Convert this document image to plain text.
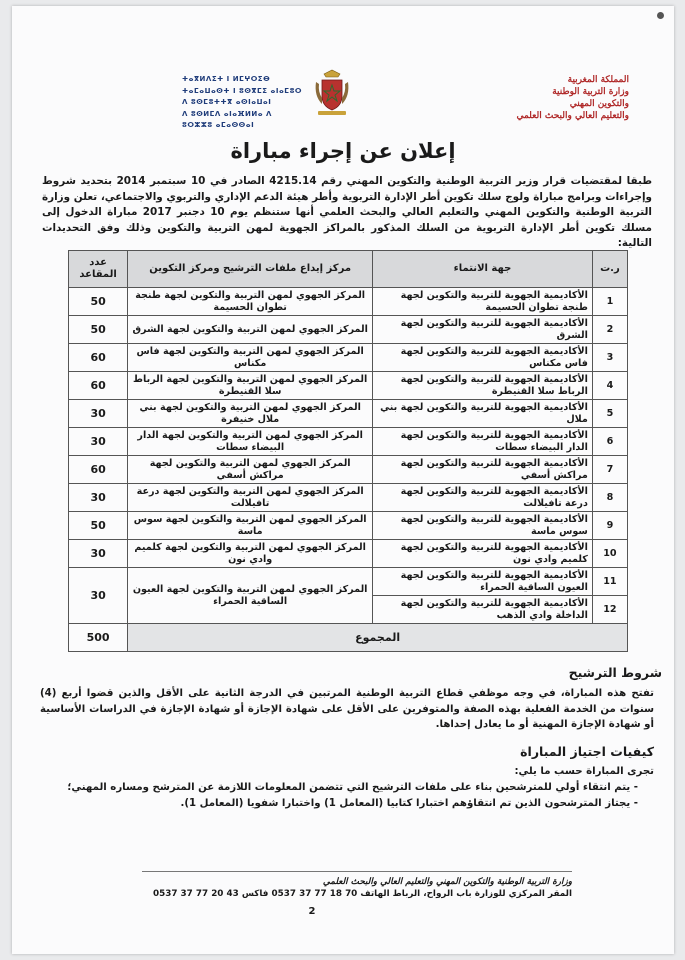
ⵜⴰⴳⵍⴷⵉⵜ ⵏ ⵍⵎⵖⵔⵉⴱ
ⵜⴰⵎⴰⵡⴰⵙⵜ ⵏ ⵓⵙⴳⵎⵉ ⴰⵏⴰⵎⵓⵔ
ⴷ ⵓⵙⵎⵓⵜⵜⴳ ⴰⵙⵏⴰⵡⴰⵏ
ⴷ ⵓⵙⵍⵎⴷ ⴰⵏⴰⴼⵍⵍⴰ ⴷ ⵓⵔⵣⵣⵓ ⴰⵎⴰⵙⵙⴰⵏ
المملكة المغربية
وزارة التربية الوطنية
والتكوين المهني
والتعليم العالي والبحث العلمي
إعلان عن إجراء مباراة
طبقا لمقتضيات قرار وزير التربية الوطنية والتكوين المهني رقم 4215.14 الصادر في 10 سبتمبر 2014 بتحديد شروط وإجراءات وبرامج مباراة ولوج سلك تكوين أطر الإدارة التربوية وأطر هيئة الدعم الإداري والتربوي والاجتماعي، تعلن وزارة التربية الوطنية والتكوين المهني والتعليم العالي والبحث العلمي أنها ستنظم يوم 10 دجنبر 2017 مباراة الدخول إلى مسلك تكوين أطر الإدارة التربوية من السلك المذكور بالمراكز الجهوية لمهن التربية والتكوين وذلك وفق التحديدات التالية:
ر.ت	جهة الانتماء	مركز إيداع ملفات الترشيح ومركز التكوين	عدد المقاعد
1	الأكاديمية الجهوية للتربية والتكوين لجهة طنجة تطوان الحسيمة	المركز الجهوي لمهن التربية والتكوين لجهة طنجة تطوان الحسيمة	50
2	الأكاديمية الجهوية للتربية والتكوين لجهة الشرق	المركز الجهوي لمهن التربية والتكوين لجهة الشرق	50
3	الأكاديمية الجهوية للتربية والتكوين لجهة فاس مكناس	المركز الجهوي لمهن التربية والتكوين لجهة فاس مكناس	60
4	الأكاديمية الجهوية للتربية والتكوين لجهة الرباط سلا القنيطرة	المركز الجهوي لمهن التربية والتكوين لجهة الرباط سلا القنيطرة	60
5	الأكاديمية الجهوية للتربية والتكوين لجهة بني ملال	المركز الجهوي لمهن التربية والتكوين لجهة بني ملال خنيفرة	30
6	الأكاديمية الجهوية للتربية والتكوين لجهة الدار البيضاء سطات	المركز الجهوي لمهن التربية والتكوين لجهة الدار البيضاء سطات	30
7	الأكاديمية الجهوية للتربية والتكوين لجهة مراكش أسفي	المركز الجهوي لمهن التربية والتكوين لجهة مراكش أسفي	60
8	الأكاديمية الجهوية للتربية والتكوين لجهة درعة تافيلالت	المركز الجهوي لمهن التربية والتكوين لجهة درعة تافيلالت	30
9	الأكاديمية الجهوية للتربية والتكوين لجهة سوس ماسة	المركز الجهوي لمهن التربية والتكوين لجهة سوس ماسة	50
10	الأكاديمية الجهوية للتربية والتكوين لجهة كلميم وادي نون	المركز الجهوي لمهن التربية والتكوين لجهة كلميم وادي نون	30
11	الأكاديمية الجهوية للتربية والتكوين لجهة العيون الساقية الحمراء	المركز الجهوي لمهن التربية والتكوين لجهة العيون الساقية الحمراء	30
12	الأكاديمية الجهوية للتربية والتكوين لجهة الداخلة وادي الذهب		
المجموع			500
شروط الترشيح
تفتح هذه المباراة، في وجه موظفي قطاع التربية الوطنية المرتبين في الدرجة الثانية على الأقل والذين قضوا أربع (4) سنوات من الخدمة الفعلية بهذه الصفة والمتوفرين على الأقل على شهادة الإجازة أو شهادة الإجازة في الدراسات الأساسية أو شهادة الإجازة المهنية أو ما يعادل إحداها.
كيفيات اجتياز المباراة
تجرى المباراة حسب ما يلي:
- يتم انتقاء أولي للمترشحين بناء على ملفات الترشيح التي تتضمن المعلومات اللازمة عن المترشح ومساره المهني؛
- يجتاز المترشحون الذين تم انتقاؤهم اختبارا كتابيا (المعامل 1) واختبارا شفويا (المعامل 1).
وزارة التربية الوطنية والتكوين المهني والتعليم العالي والبحث العلمي
المقر المركزي للوزارة باب الرواح، الرباط الهاتف 70 18 77 37 0537 فاكس 43 20 77 37 0537
2
